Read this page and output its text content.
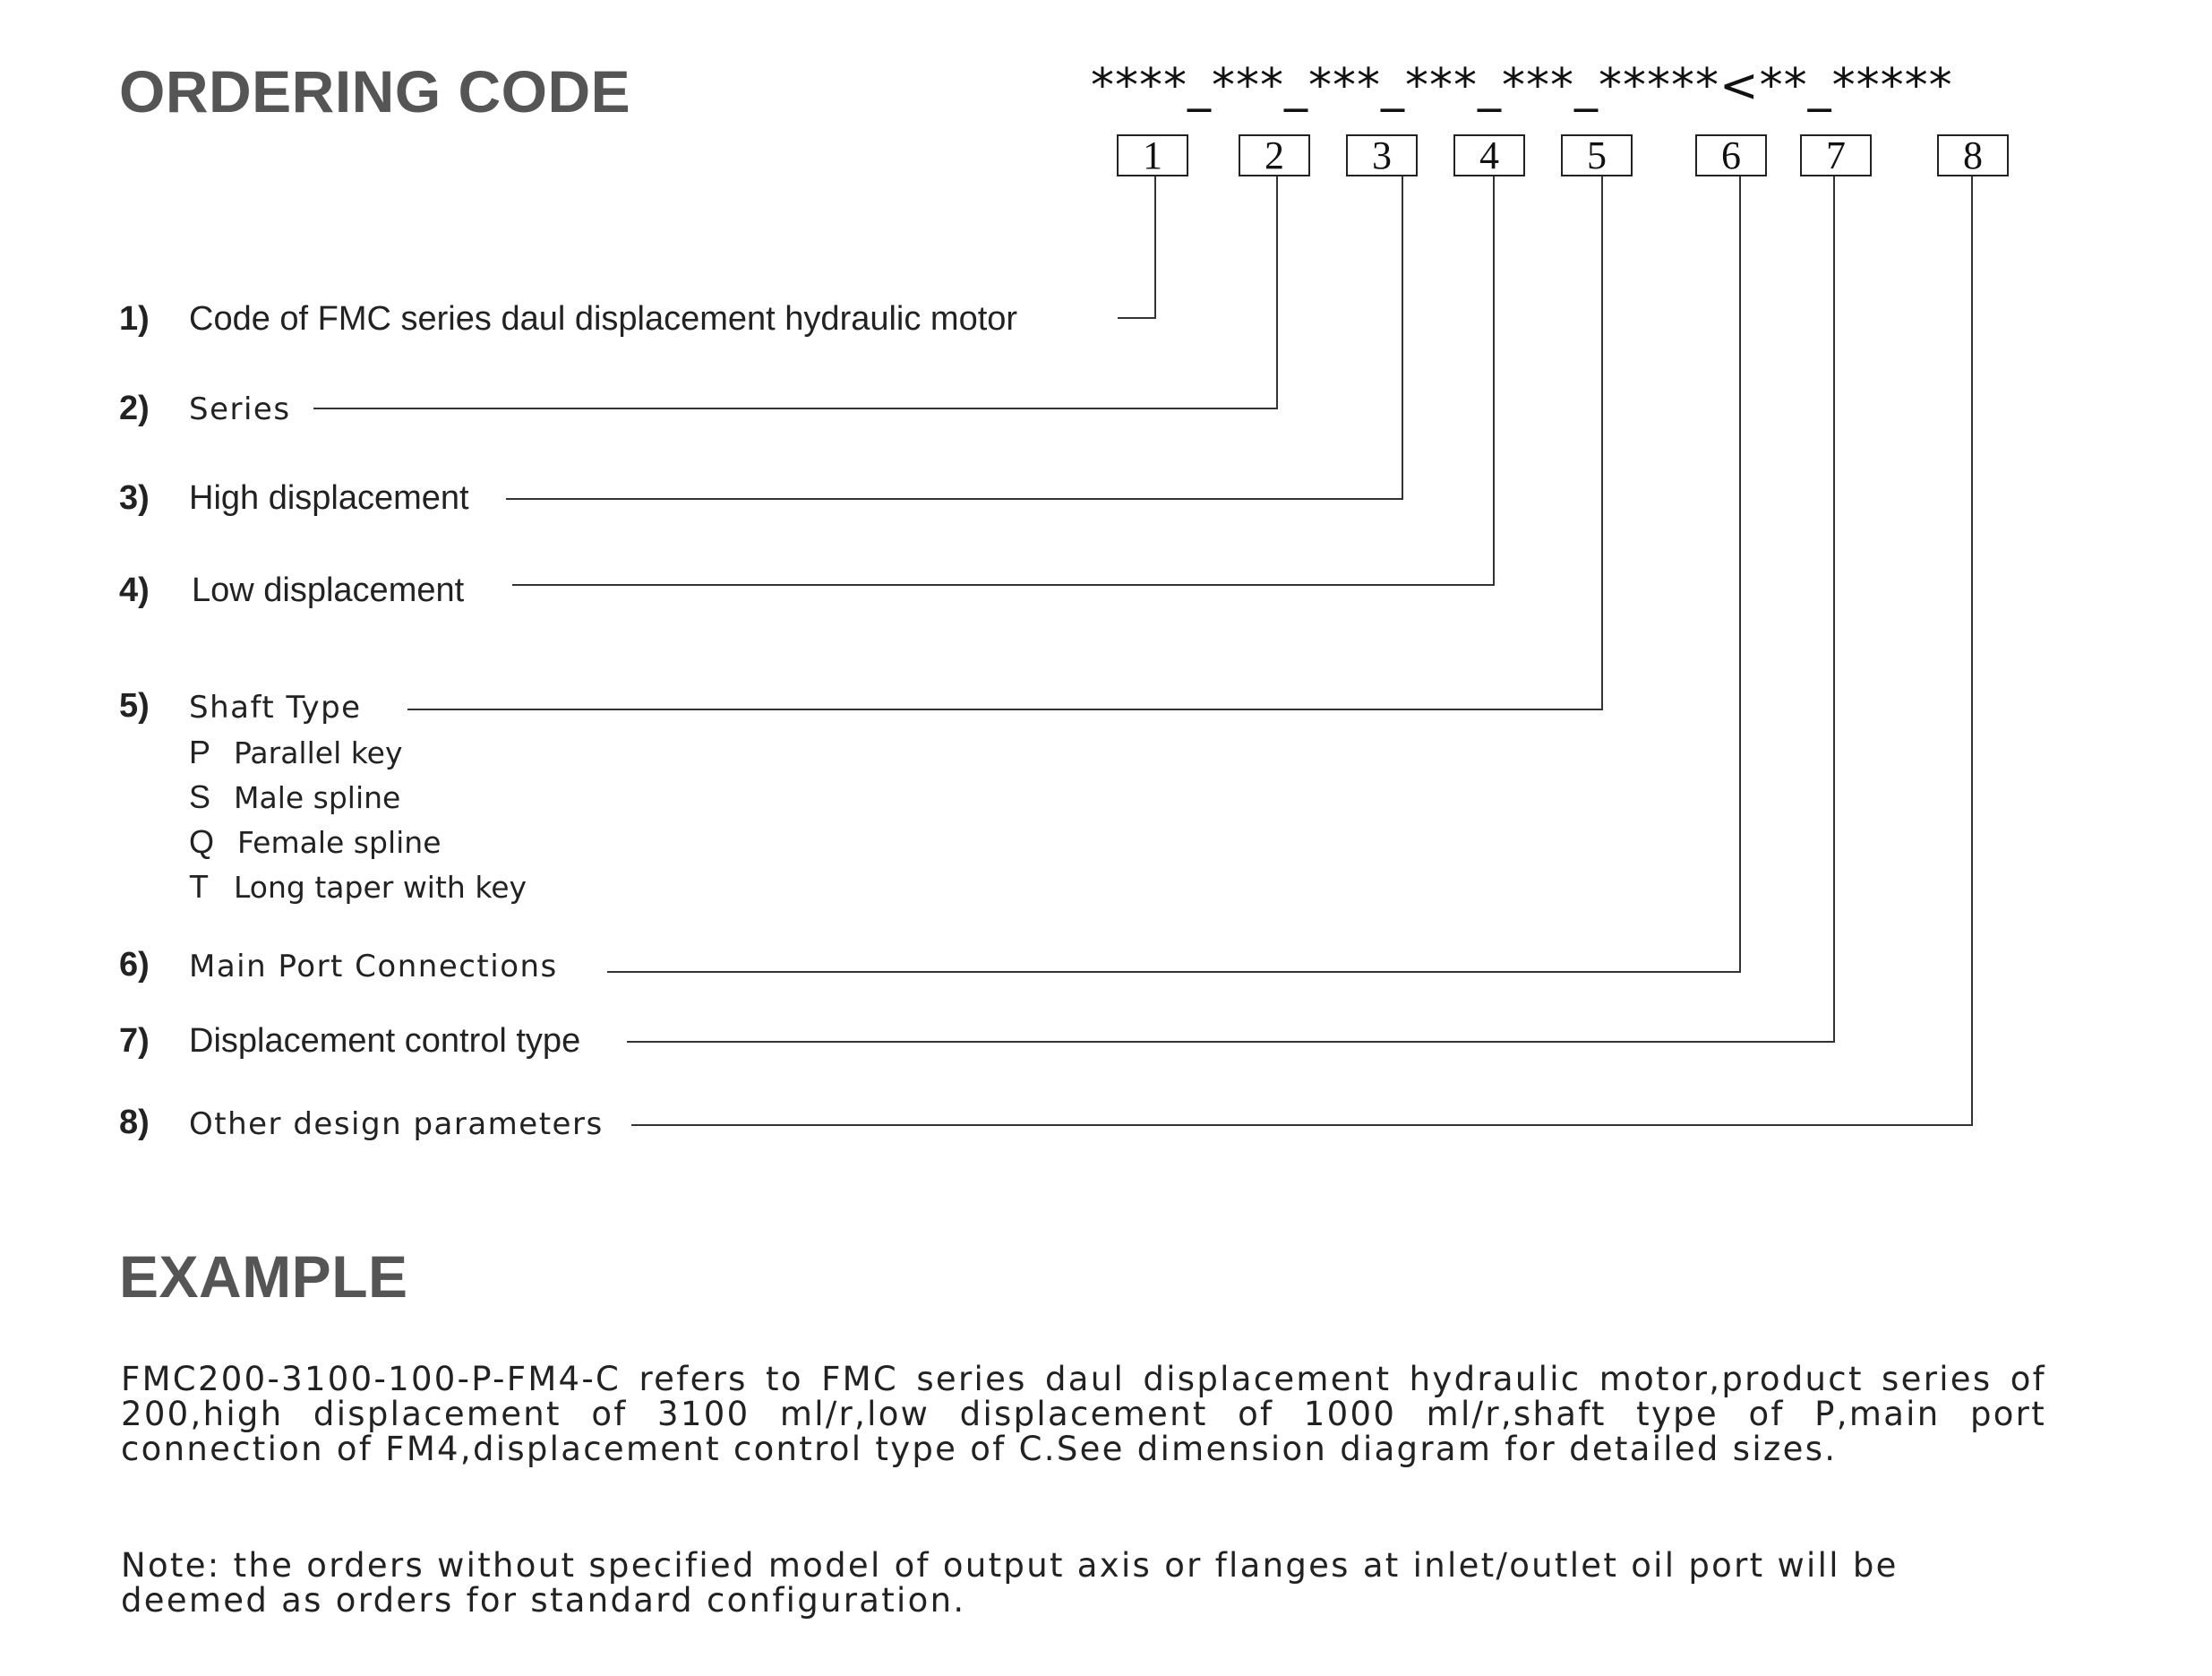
ORDERING CODE	****_***_***_***_***_*****<**_*****
1	2	3	4	5	6	7	8
1) Code of FMC series daul displacement hydraulic motor
2) Series
3) High displacement
4) Low displacement
5) Shaft Type
P Parallel key
S Male spline
Q Female spline
T Long taper with key
6) Main Port Connections
7) Displacement control type
8) Other design parameters
EXAMPLE

FMC200-3100-100-P-FM4-C refers to FMC series daul displacement hydraulic motor,product series of 200,high displacement of 3100 ml/r,low displacement of 1000 ml/r,shaft type of P,main port connection of FM4,displacement control type of C.See dimension diagram for detailed sizes.

Note: the orders without specified model of output axis or flanges at inlet/outlet oil port will be deemed as orders for standard configuration.
